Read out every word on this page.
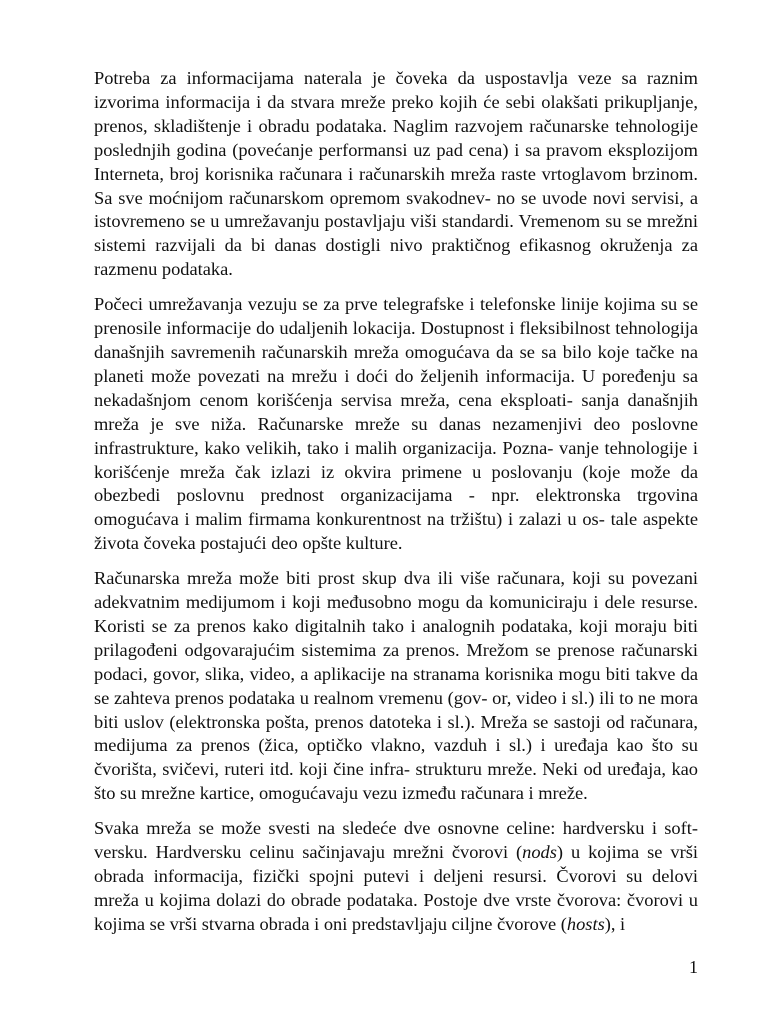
Potreba za informacijama naterala je čoveka da uspostavlja veze sa raznim izvorima informacija i da stvara mreže preko kojih će sebi olakšati prikupljanje, prenos, skladištenje i obradu podataka. Naglim razvojem računarske tehnologije poslednjih godina (povećanje performansi uz pad cena) i sa pravom eksplozijom Interneta, broj korisnika računara i računarskih mreža raste vrtoglavom brzinom. Sa sve moćnijom računarskom opremom svakodnev- no se uvode novi servisi, a istovremeno se u umrežavanju postavljaju viši standardi. Vremenom su se mrežni sistemi razvijali da bi danas dostigli nivo praktičnog efikasnog okruženja za razmenu podataka.

Počeci umrežavanja vezuju se za prve telegrafske i telefonske linije kojima su se prenosile informacije do udaljenih lokacija. Dostupnost i fleksibilnost tehnologija današnjih savremenih računarskih mreža omogućava da se sa bilo koje tačke na planeti može povezati na mrežu i doći do željenih informacija. U poređenju sa nekadašnjom cenom korišćenja servisa mreža, cena eksploati- sanja današnjih mreža je sve niža. Računarske mreže su danas nezamenjivi deo poslovne infrastrukture, kako velikih, tako i malih organizacija. Pozna- vanje tehnologije i korišćenje mreža čak izlazi iz okvira primene u poslovanju (koje može da obezbedi poslovnu prednost organizacijama - npr. elektronska trgovina omogućava i malim firmama konkurentnost na tržištu) i zalazi u os- tale aspekte života čoveka postajući deo opšte kulture.

Računarska mreža može biti prost skup dva ili više računara, koji su povezani adekvatnim medijumom i koji međusobno mogu da komuniciraju i dele resurse. Koristi se za prenos kako digitalnih tako i analognih podataka, koji moraju biti prilagođeni odgovarajućim sistemima za prenos. Mrežom se prenose računarski podaci, govor, slika, video, a aplikacije na stranama korisnika mogu biti takve da se zahteva prenos podataka u realnom vremenu (gov- or, video i sl.) ili to ne mora biti uslov (elektronska pošta, prenos datoteka i sl.). Mreža se sastoji od računara, medijuma za prenos (žica, optičko vlakno, vazduh i sl.) i uređaja kao što su čvorišta, svičevi, ruteri itd. koji čine infra- strukturu mreže. Neki od uređaja, kao što su mrežne kartice, omogućavaju vezu između računara i mreže.

Svaka mreža se može svesti na sledeće dve osnovne celine: hardversku i soft- versku. Hardversku celinu sačinjavaju mrežni čvorovi (nods) u kojima se vrši obrada informacija, fizički spojni putevi i deljeni resursi. Čvorovi su delovi mreža u kojima dolazi do obrade podataka. Postoje dve vrste čvorova: čvorovi u kojima se vrši stvarna obrada i oni predstavljaju ciljne čvorove (hosts), i

1
